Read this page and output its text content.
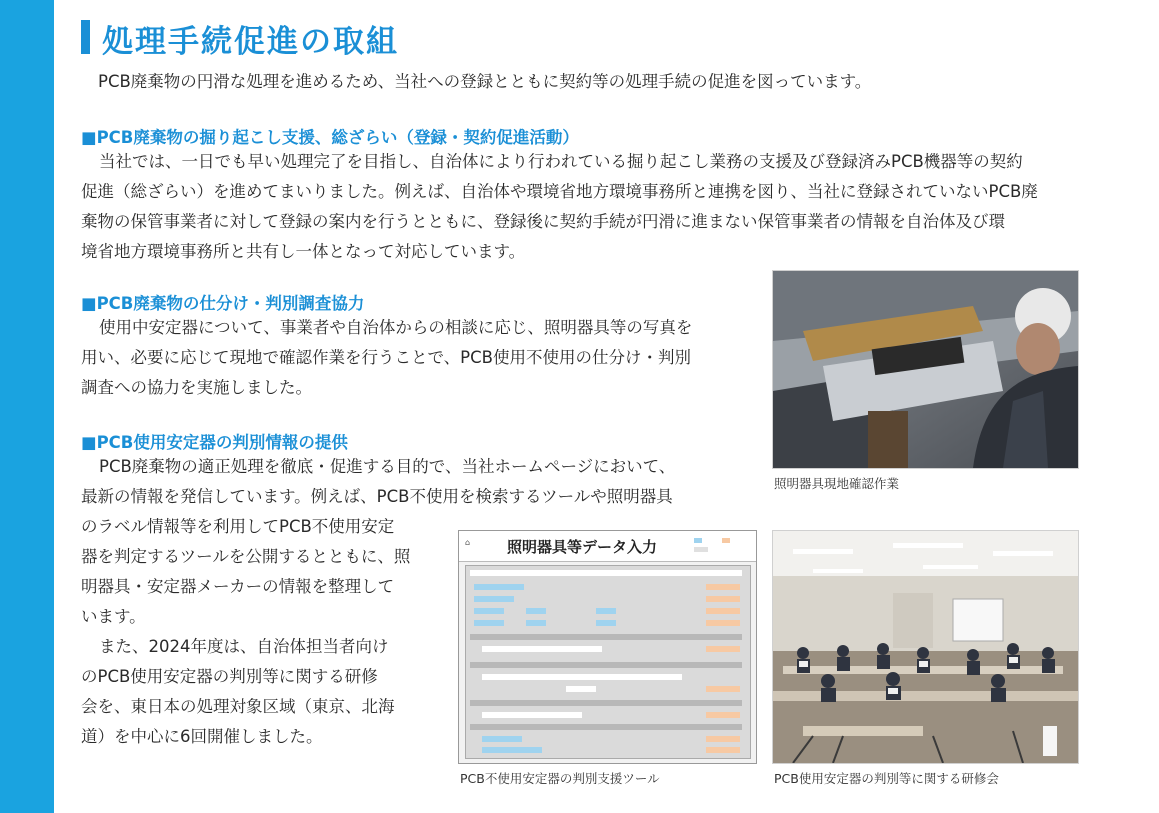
処理手続促進の取組

PCB廃棄物の円滑な処理を進めるため、当社への登録とともに契約等の処理手続の促進を図っています。

■PCB廃棄物の掘り起こし支援、総ざらい（登録・契約促進活動）
当社では、一日でも早い処理完了を目指し、自治体により行われている掘り起こし業務の支援及び登録済みPCB機器等の契約
促進（総ざらい）を進めてまいりました。例えば、自治体や環境省地方環境事務所と連携を図り、当社に登録されていないPCB廃
棄物の保管事業者に対して登録の案内を行うとともに、登録後に契約手続が円滑に進まない保管事業者の情報を自治体及び環
境省地方環境事務所と共有し一体となって対応しています。
■PCB廃棄物の仕分け・判別調査協力
使用中安定器について、事業者や自治体からの相談に応じ、照明器具等の写真を
用い、必要に応じて現地で確認作業を行うことで、PCB使用不使用の仕分け・判別
調査への協力を実施しました。
■PCB使用安定器の判別情報の提供
PCB廃棄物の適正処理を徹底・促進する目的で、当社ホームページにおいて、
最新の情報を発信しています。例えば、PCB不使用を検索するツールや照明器具
のラベル情報等を利用してPCB不使用安定
器を判定するツールを公開するとともに、照
明器具・安定器メーカーの情報を整理して
います。
また、2024年度は、自治体担当者向け
のPCB使用安定器の判別等に関する研修
会を、東日本の処理対象区域（東京、北海
道）を中心に6回開催しました。

照明器具現地確認作業

⌂ 照明器具等データ入力

PCB不使用安定器の判別支援ツール	PCB使用安定器の判別等に関する研修会
